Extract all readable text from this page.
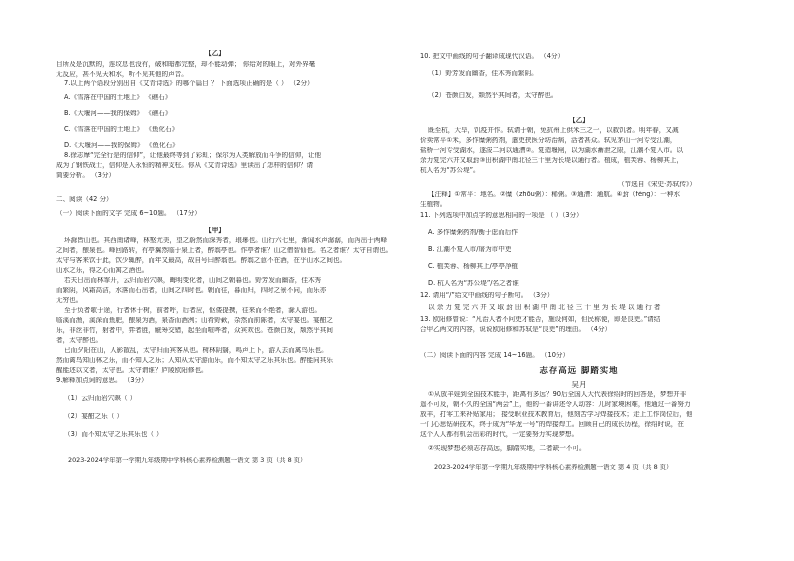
【乙】
目所及是沉默的，连坟息也没有，破和暗都完整，却不能动弹； 你给对的眼上，对外界毫
无反应，甚不见天和水，听不见其他的声音。
7.以上两个语段分别出自《艾青诗选》的哪个篇目 ？ 下面选项正确的是（ ） （2分）
A.《雪落在中国的土地上》 《礁石》
B.《大堰河——我的保姆》 《礁石》
C.《雪落在中国的土地上》 《鱼化石》
D.《大堰河——我的保姆》 《鱼化石》
8.徐志摩“完全行是的信仰”，让他最终等到了彩虹；保尔为人类解放而斗争的信仰，让他
成为了钢铁战士，信仰是人永恒的精神支柱。你从《艾青诗选》里读出了怎样的信仰？请
简要分析。 （3分）
二、阅读（42 分）
（一）阅读下面的文字 完成 6~10题。 （17分）
【甲】
环滁皆山也。其西南诸峰，林壑尤美，望之蔚然而深秀者，琅琊也。山行六七里，渐闻水声潺潺，而泻出于两峰
之间者，酿泉也。峰回路转，有亭翼然临于泉上者，醉翁亭也。作亭者谁？山之僧智仙也。名之者谁？太守自谓也。
太守与客来饮于此，饮少辄醉，而年又最高，故自号曰醉翁也。醉翁之意不在酒，在乎山水之间也。
山水之乐，得之心而寓之酒也。
若夫日出而林霏开，云归而岩穴暝，晦明变化者，山间之朝暮也。野芳发而幽香，佳木秀
而繁阴，风霜高洁，水落而石出者，山间之四时也。朝而往，暮而归，四时之景不同，而乐亦
无穷也。
至于负者歌于途，行者休于树，前者呼，后者应，伛偻提携，往来而不绝者，滁人游也。
临溪而渔，溪深而鱼肥，酿泉为酒，泉香而酒洌；山肴野蔌，杂然而前陈者，太守宴也。宴酣之
乐，非丝非竹，射者中，弈者胜，觥筹交错，起坐而喧哗者，众宾欢也。苍颜白发，颓然乎其间
者，太守醉也。
已而夕阳在山，人影散乱，太守归而宾客从也。树林阴翳，鸣声上下，游人去而禽鸟乐也。
然而禽鸟知山林之乐，而不知人之乐；人知从太守游而乐，而不知太守之乐其乐也。醉能同其乐
醒能述以文者，太守也。太守谓谁？庐陵欧阳修也。
9.解释加点词的意思。 （3分）
（1）云归而岩穴暝（ ）
（2）宴酣之乐（ ）
（3）而不知太守之乐其乐也（ ）
2023-2024学年第一学期九年级期中学科核心素养检测题一语文 第 3 页（共 8 页）
10. 把文中画线的句子翻译成现代汉语。 （4分）
（1）野芳发而幽香，佳木秀而繁阴。
（2）苍颜白发，颓然乎其间者，太守醉也。
【乙】
既至杭，大旱，饥疫并作。轼请于朝，免抗州上供米三之一，以救饥者。明年春，又减
价卖常平①米，多作糜粥药剂，遣吏挟医分坊治病，活者甚众。轼见茅山一河专受江潮，
盐桥一河专受湖水，遂浚二河以通漕②。复造堰闸，以为湖水蓄泄之限，江潮不复入市。以
余力复完六井又取葑③田积湖中南北径三十里为长堤以通行者。植成，植芙蓉、杨柳其上，
杭人名为“苏公堤”。
（节选自《宋史·苏轼传》）
【注释】①常平：地名。②糜（zhōu粥）：稀粥。③通漕：通航。④葑（fèng）：一种水
生植物。
11. 下列选项中加点字的意思相同的一项是 （ ）（3分）
A. 多作糜粥药剂/衡于虑而后作
B. 江潮不复入市/屠为市中吏
C. 植芙蓉、杨柳其上/亭亭净植
D. 杭人名为“苏公堤”/名之者谁
12. 请用“/”给文中画线的句子断句。 （3分）
以 余 力 复 完 六 井 又 取 葑 田 积 湖 中 南 北 径 三 十 里 为 长 堤 以 通 行 者
13. 欧阳修曾说：“凡治人者不问吏才能否，施设何如，但民称便，即是良吏。”请结
合甲乙两文的内容，说说欧阳修和苏轼是“良吏”的理由。 （4分）
（二）阅读下面的内容 完成 14~16题。 （10分）
志存高远 脚踏实地
吴月
①从放羊娃到全国技术能手，距离有多远？90后全国人大代表徐绍时的回答是，梦想并非
遥不可及，朝不久的全国“两会”上，他的一番讲述令人动容：儿时家境困难，他通过一番努力
放羊，打零工来补贴家用； 接受职业技术教育后，他刻苦学习焊接技术；走上工作岗位后，他
一门心思钻研技术，终于成为“华龙一号”的焊接焊工。回顾自己的成长历程，徐绍时说，在
这个人人都有机会出彩的时代，一定要努力实现梦想。
②实现梦想必须志存高远，脚踏实地，二者缺一不可。
2023-2024学年第一学期九年级期中学科核心素养检测题一语文 第 4 页（共 8 页）
